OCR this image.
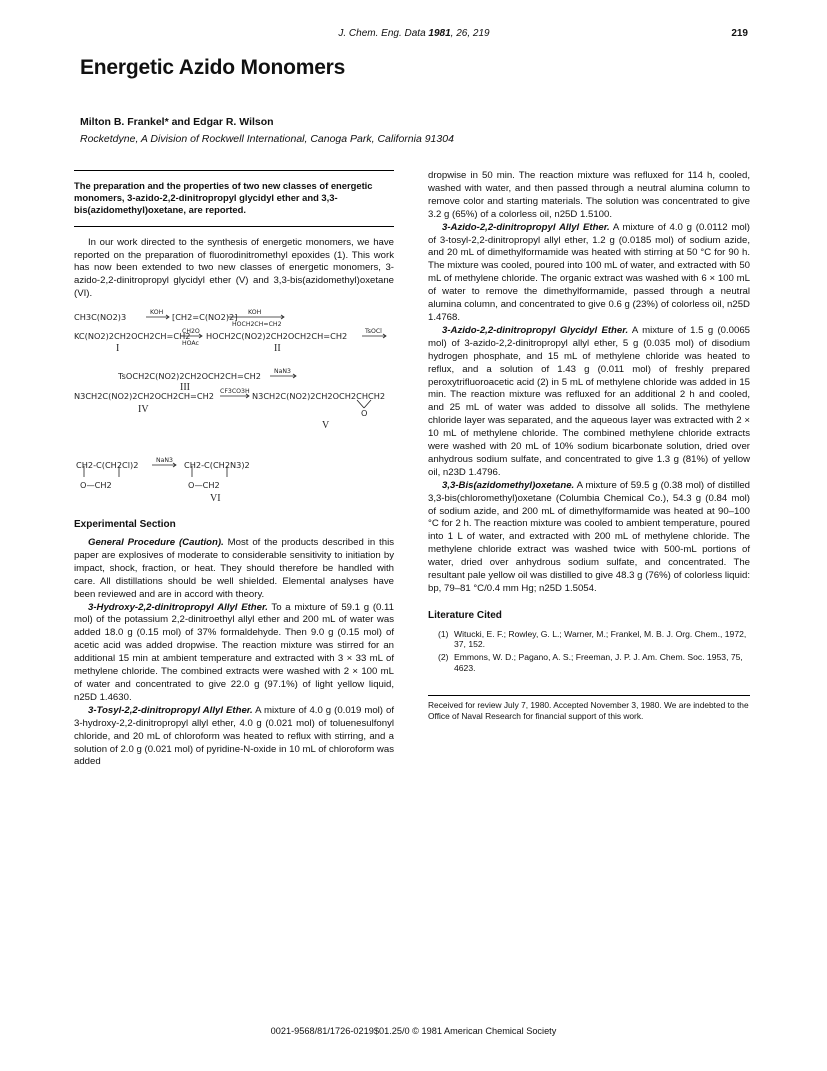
J. Chem. Eng. Data 1981, 26, 219	219
Energetic Azido Monomers
Milton B. Frankel* and Edgar R. Wilson
Rocketdyne, A Division of Rockwell International, Canoga Park, California 91304
The preparation and the properties of two new classes of energetic monomers, 3-azido-2,2-dinitropropyl glycidyl ether and 3,3-bis(azidomethyl)oxetane, are reported.

In our work directed to the synthesis of energetic monomers, we have reported on the preparation of fluorodinitromethyl epoxides (1). This work has now been extended to two new classes of energetic monomers, 3-azido-2,2-dinitropropyl glycidyl ether (V) and 3,3-bis(azidomethyl)oxetane (VI).

CH3C(NO2)3	KOH [CH2=C(NO2)2] KOH
HOCH2CH=CH2
KC(NO2)2CH2OCH2CH=CH2
CH2O
HOAc
HOCH2C(NO2)2CH2OCH2CH=CH2	TsOCl
I	II
TsOCH2C(NO2)2CH2OCH2CH=CH2 NaN3
III
N3CH2C(NO2)2CH2OCH2CH=CH2 CF3CO3H N3CH2C(NO2)2CH2OCH2CHCH2
O
IV
V
CH2-C(CH2Cl)2
O—CH2
NaN3 CH2-C(CH2N3)2
O—CH2
VI
Experimental Section

General Procedure (Caution). Most of the products described in this paper are explosives of moderate to considerable sensitivity to initiation by impact, shock, fraction, or heat. They should therefore be handled with care. All distillations should be well shielded. Elemental analyses have been reviewed and are in accord with theory.

3-Hydroxy-2,2-dinitropropyl Allyl Ether. To a mixture of 59.1 g (0.11 mol) of the potassium 2,2-dinitroethyl allyl ether and 200 mL of water was added 18.0 g (0.15 mol) of 37% formaldehyde. Then 9.0 g (0.15 mol) of acetic acid was added dropwise. The reaction mixture was stirred for an additional 15 min at ambient temperature and extracted with 3 × 33 mL of methylene chloride. The combined extracts were washed with 2 × 100 mL of water and concentrated to give 22.0 g (97.1%) of light yellow liquid, n25D 1.4630.

3-Tosyl-2,2-dinitropropyl Allyl Ether. A mixture of 4.0 g (0.019 mol) of 3-hydroxy-2,2-dinitropropyl allyl ether, 4.0 g (0.021 mol) of toluenesulfonyl chloride, and 20 mL of chloroform was heated to reflux with stirring, and a solution of 2.0 g (0.021 mol) of pyridine-N-oxide in 10 mL of chloroform was added

dropwise in 50 min. The reaction mixture was refluxed for 114 h, cooled, washed with water, and then passed through a neutral alumina column to remove color and starting materials. The solution was concentrated to give 3.2 g (65%) of a colorless oil, n25D 1.5100.

3-Azido-2,2-dinitropropyl Allyl Ether. A mixture of 4.0 g (0.0112 mol) of 3-tosyl-2,2-dinitropropyl allyl ether, 1.2 g (0.0185 mol) of sodium azide, and 20 mL of dimethylformamide was heated with stirring at 50 °C for 90 h. The mixture was cooled, poured into 100 mL of water, and extracted with 50 mL of methylene chloride. The organic extract was washed with 6 × 100 mL of water to remove the dimethylformamide, passed through a neutral alumina column, and concentrated to give 0.6 g (23%) of colorless oil, n25D 1.4768.

3-Azido-2,2-dinitropropyl Glycidyl Ether. A mixture of 1.5 g (0.0065 mol) of 3-azido-2,2-dinitropropyl allyl ether, 5 g (0.035 mol) of disodium hydrogen phosphate, and 15 mL of methylene chloride was heated to reflux, and a solution of 1.43 g (0.011 mol) of freshly prepared peroxytrifluoroacetic acid (2) in 5 mL of methylene chloride was added in 15 min. The reaction mixture was refluxed for an additional 2 h and cooled, and 25 mL of water was added to dissolve all solids. The methylene chloride layer was separated, and the aqueous layer was extracted with 2 × 10 mL of methylene chloride. The combined methylene chloride extracts were washed with 20 mL of 10% sodium bicarbonate solution, dried over anhydrous sodium sulfate, and concentrated to give 1.3 g (81%) of yellow oil, n23D 1.4796.

3,3-Bis(azidomethyl)oxetane. A mixture of 59.5 g (0.38 mol) of distilled 3,3-bis(chloromethyl)oxetane (Columbia Chemical Co.), 54.3 g (0.84 mol) of sodium azide, and 200 mL of dimethylformamide was heated at 90–100 °C for 2 h. The reaction mixture was cooled to ambient temperature, poured into 1 L of water, and extracted with 200 mL of methylene chloride. The methylene chloride extract was washed twice with 500-mL portions of water, dried over anhydrous sodium sulfate, and concentrated. The resultant pale yellow oil was distilled to give 48.3 g (76%) of colorless liquid: bp, 79–81 °C/0.4 mm Hg; n25D 1.5054.

Literature Cited
(1) Witucki, E. F.; Rowley, G. L.; Warner, M.; Frankel, M. B. J. Org. Chem., 1972, 37, 152.
(2) Emmons, W. D.; Pagano, A. S.; Freeman, J. P. J. Am. Chem. Soc. 1953, 75, 4623.
Received for review July 7, 1980. Accepted November 3, 1980. We are indebted to the Office of Naval Research for financial support of this work.
0021-9568/81/1726-0219$01.25/0 © 1981 American Chemical Society
